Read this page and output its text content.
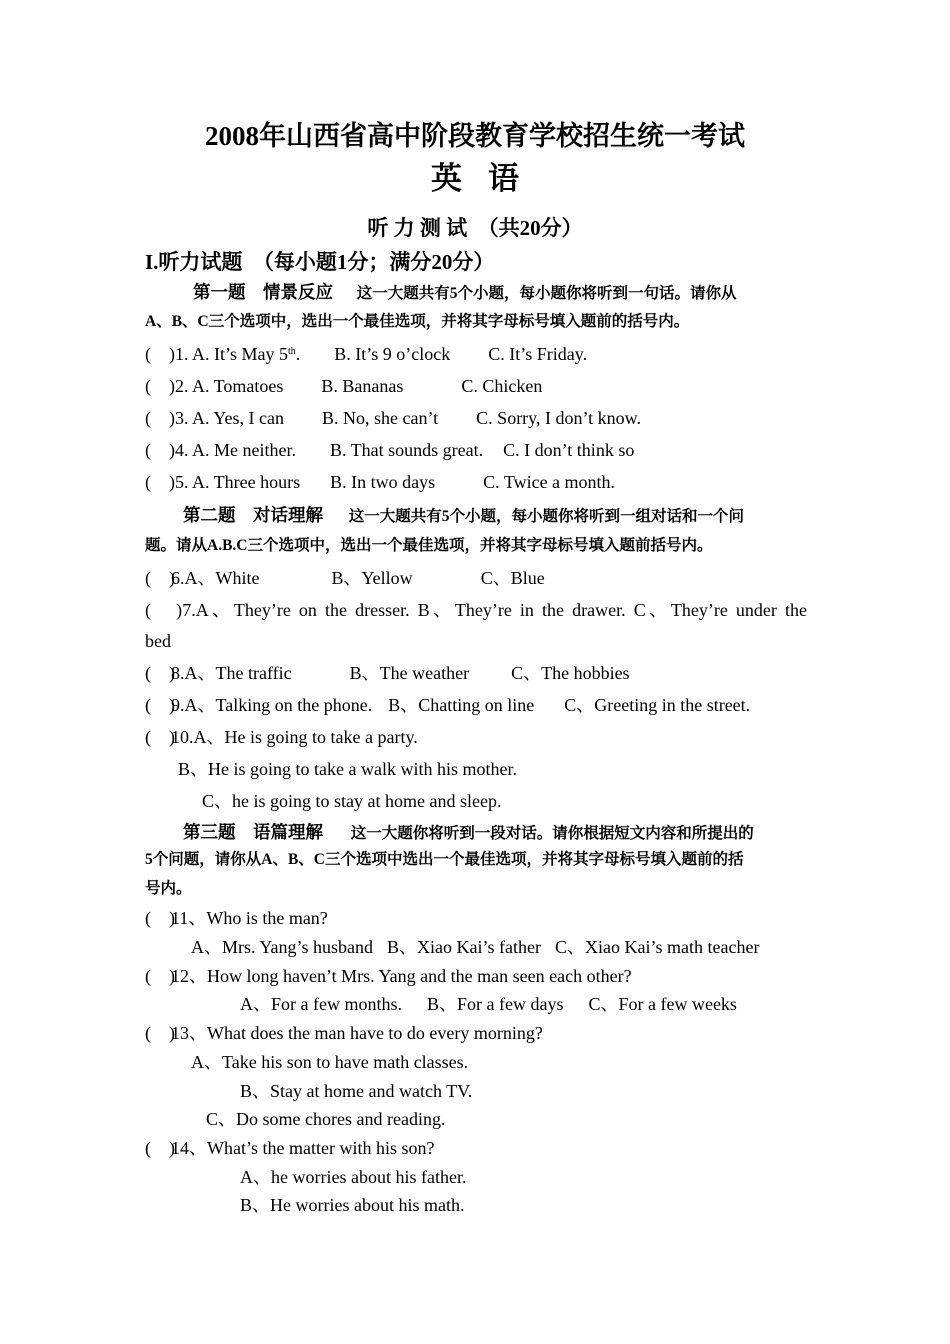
2008年山西省高中阶段教育学校招生统一考试
英语
听 力 测 试　（共20分）
I.听力试题　（每小题1分；满分20分）
第一题　情景反应 这一大题共有5个小题，每小题你将听到一句话。请你从
A、B、C三个选项中，选出一个最佳选项，并将其字母标号填入题前的括号内。
(　)1. A. It’s May 5th. B. It’s 9 o’clock C. It’s Friday.
(　)2. A. Tomatoes B. Bananas	C. Chicken
(　)3. A. Yes, I can B. No, she can’t C. Sorry, I don’t know.
(　)4. A. Me neither. B. That sounds great. C. I don’t think so
(　)5. A. Three hours B. In two days	C. Twice a month.
第二题　对话理解 这一大题共有5个小题，每小题你将听到一组对话和一个问
题。请从A.B.C三个选项中，选出一个最佳选项，并将其字母标号填入题前括号内。
(　)6.A、White	B、Yellow	C、Blue
(　)7.A、They’re on the dresser. B、They’re in the drawer. C、They’re under the
bed
(　)8.A、The traffic	B、The weather C、The hobbies
(　)9.A、Talking on the phone. B、Chatting on line C、Greeting in the street.
(　)10.A、He is going to take a party.
B、He is going to take a walk with his mother.
C、he is going to stay at home and sleep.
第三题　语篇理解 这一大题你将听到一段对话。请你根据短文内容和所提出的
5个问题，请你从A、B、C三个选项中选出一个最佳选项，并将其字母标号填入题前的括
号内。
(　)11、Who is the man?
A、Mrs. Yang’s husband B、Xiao Kai’s father C、Xiao Kai’s math teacher
(　)12、How long haven’t Mrs. Yang and the man seen each other?
A、For a few months. B、For a few days C、For a few weeks
(　)13、What does the man have to do every morning?
A、Take his son to have math classes.
B、Stay at home and watch TV.
C、Do some chores and reading.
(　)14、What’s the matter with his son?
A、he worries about his father.
B、He worries about his math.
